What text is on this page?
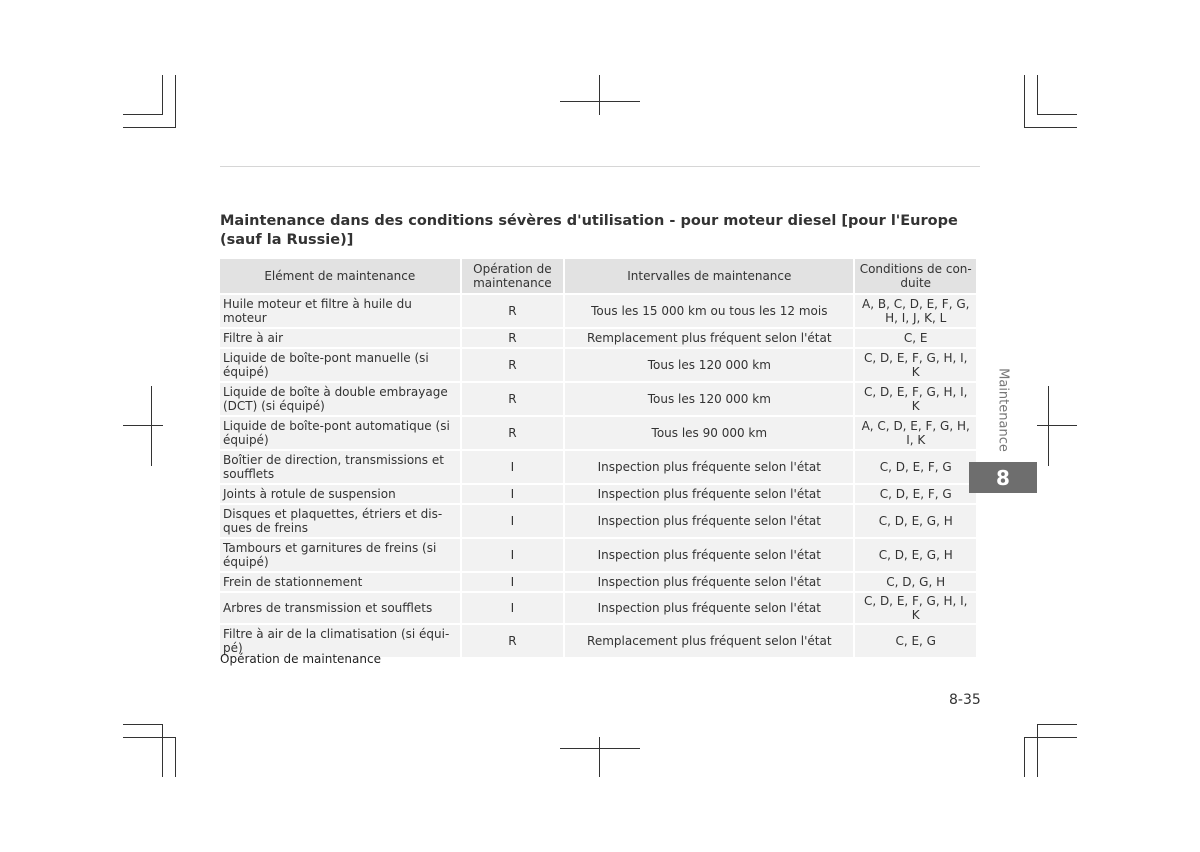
Maintenance dans des conditions sévères d'utilisation - pour moteur diesel [pour l'Europe (sauf la Russie)]
Elément de maintenance	Opération de maintenance	Intervalles de maintenance	Conditions de con-duite
Huile moteur et filtre à huile du moteur	R	Tous les 15 000 km ou tous les 12 mois	A, B, C, D, E, F, G, H, I, J, K, L
Filtre à air	R	Remplacement plus fréquent selon l'état	C, E
Liquide de boîte-pont manuelle (si équipé)	R	Tous les 120 000 km	C, D, E, F, G, H, I, K
Liquide de boîte à double embrayage (DCT) (si équipé)	R	Tous les 120 000 km	C, D, E, F, G, H, I, K
Liquide de boîte-pont automatique (si équipé)	R	Tous les 90 000 km	A, C, D, E, F, G, H, I, K
Boîtier de direction, transmissions et soufflets	I	Inspection plus fréquente selon l'état	C, D, E, F, G
Joints à rotule de suspension	I	Inspection plus fréquente selon l'état	C, D, E, F, G
Disques et plaquettes, étriers et dis-ques de freins	I	Inspection plus fréquente selon l'état	C, D, E, G, H
Tambours et garnitures de freins (si équipé)	I	Inspection plus fréquente selon l'état	C, D, E, G, H
Frein de stationnement	I	Inspection plus fréquente selon l'état	C, D, G, H
Arbres de transmission et soufflets	I	Inspection plus fréquente selon l'état	C, D, E, F, G, H, I, K
Filtre à air de la climatisation (si équi-pé)	R	Remplacement plus fréquent selon l'état	C, E, G
Opération de maintenance
8-35
Maintenance
8
